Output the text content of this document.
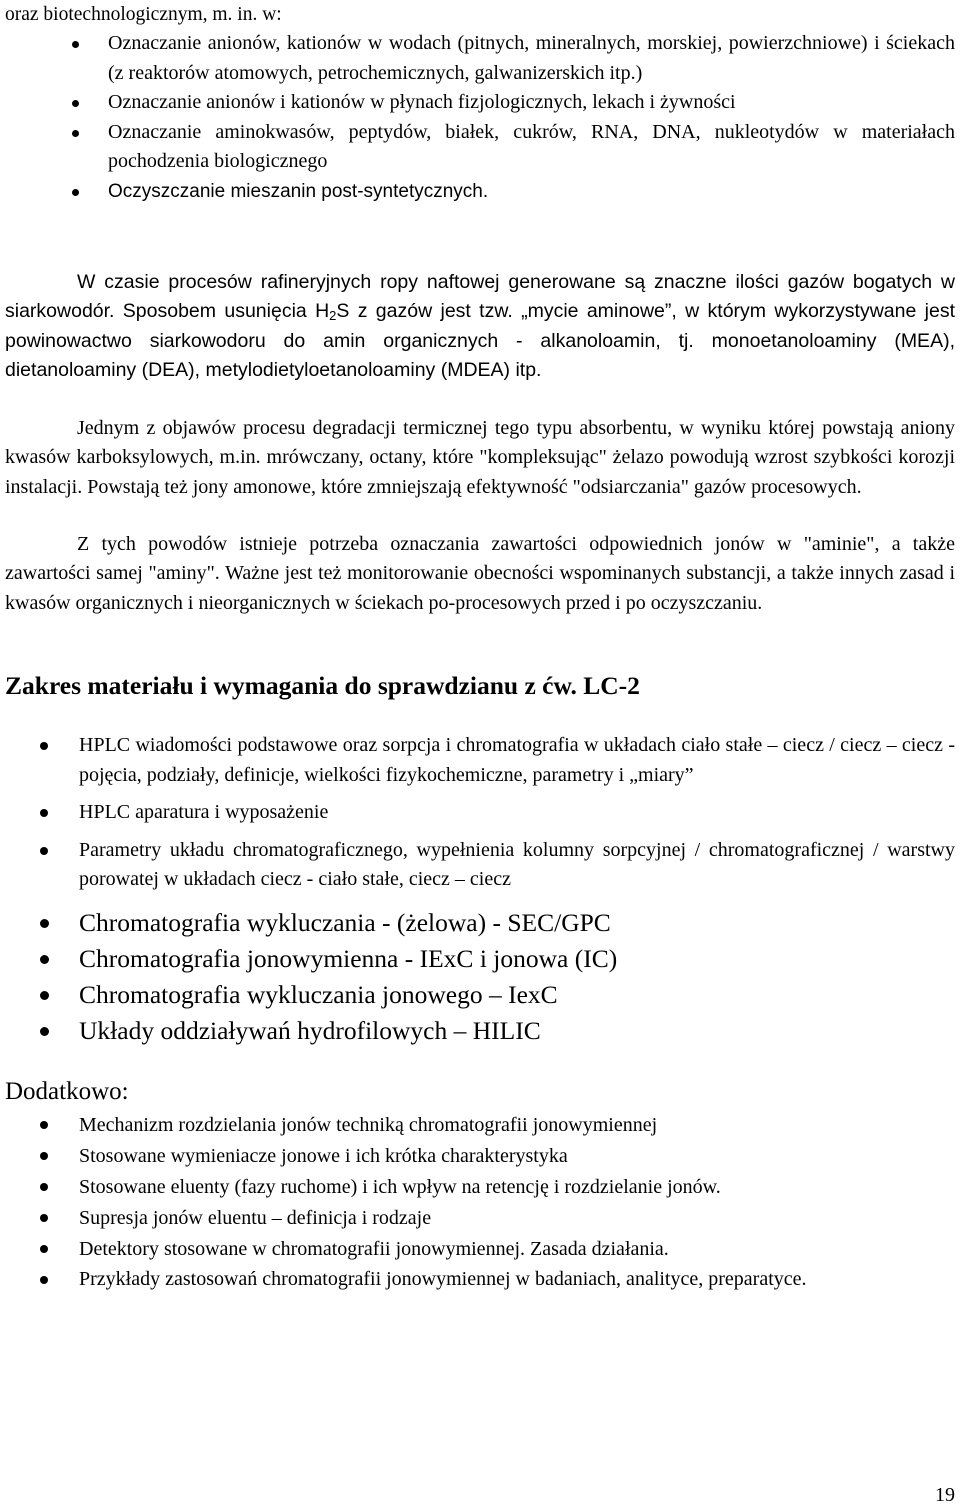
oraz biotechnologicznym, m. in. w:
Oznaczanie anionów, kationów w wodach (pitnych, mineralnych, morskiej, powierzchniowe) i ściekach (z reaktorów atomowych, petrochemicznych, galwanizerskich itp.)
Oznaczanie anionów i kationów w płynach fizjologicznych, lekach i żywności
Oznaczanie aminokwasów, peptydów, białek, cukrów, RNA, DNA, nukleotydów w materiałach pochodzenia biologicznego
Oczyszczanie mieszanin post-syntetycznych.

W czasie procesów rafineryjnych ropy naftowej generowane są znaczne ilości gazów bogatych w siarkowodór. Sposobem usunięcia $H_2S$ z gazów jest tzw. „mycie aminowe”, w którym wykorzystywane jest powinowactwo siarkowodoru do amin organicznych - alkanoloamin, tj. monoetanoloaminy (MEA), dietanoloaminy (DEA), metylodietyloetanoloaminy (MDEA) itp.

Jednym z objawów procesu degradacji termicznej tego typu absorbentu, w wyniku której powstają aniony kwasów karboksylowych, m.in. mrówczany, octany, które "kompleksując" żelazo powodują wzrost szybkości korozji instalacji. Powstają też jony amonowe, które zmniejszają efektywność "odsiarczania" gazów procesowych.

Z tych powodów istnieje potrzeba oznaczania zawartości odpowiednich jonów w "aminie", a także zawartości samej "aminy". Ważne jest też monitorowanie obecności wspominanych substancji, a także innych zasad i kwasów organicznych i nieorganicznych w ściekach po-procesowych przed i po oczyszczaniu.

Zakres materiału i wymagania do sprawdzianu z ćw. LC-2
HPLC wiadomości podstawowe oraz sorpcja i chromatografia w układach ciało stałe – ciecz / ciecz – ciecz - pojęcia, podziały, definicje, wielkości fizykochemiczne, parametry i „miary”
HPLC aparatura i wyposażenie
Parametry układu chromatograficznego, wypełnienia kolumny sorpcyjnej / chromatograficznej / warstwy porowatej w układach ciecz - ciało stałe, ciecz – ciecz
Chromatografia wykluczania - (żelowa) - SEC/GPC
Chromatografia jonowymienna - IExC i jonowa (IC)
Chromatografia wykluczania jonowego – IexC
Układy oddziaływań hydrofilowych – HILIC

Dodatkowo:

Mechanizm rozdzielania jonów techniką chromatografii jonowymiennej
Stosowane wymieniacze jonowe i ich krótka charakterystyka
Stosowane eluenty (fazy ruchome) i ich wpływ na retencję i rozdzielanie jonów.
Supresja jonów eluentu – definicja i rodzaje
Detektory stosowane w chromatografii jonowymiennej. Zasada działania.
Przykłady zastosowań chromatografii jonowymiennej w badaniach, analityce, preparatyce.
19
